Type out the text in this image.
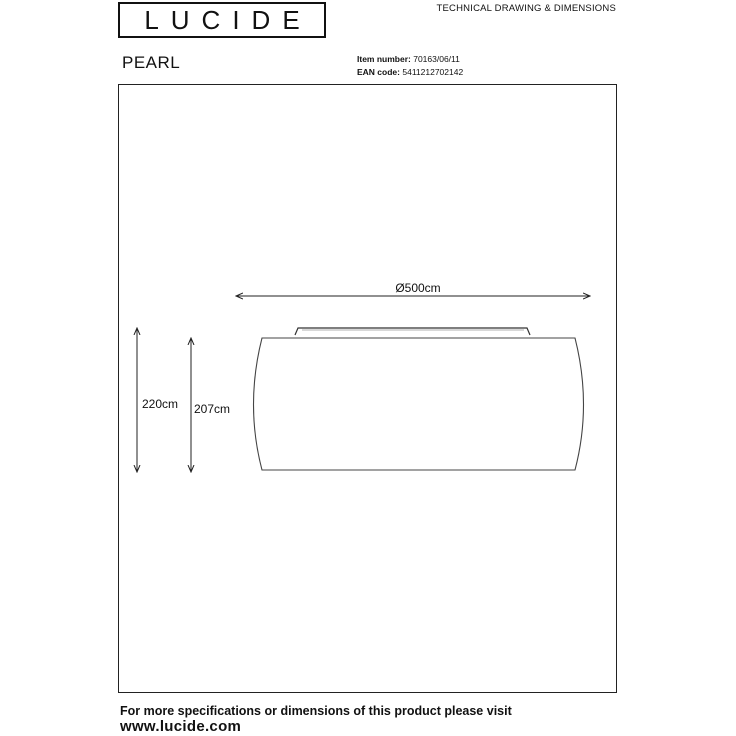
LUCIDE	TECHNICAL DRAWING & DIMENSIONS
PEARL	Item number: 70163/06/11
EAN code: 5411212702142
Ø500cm
220cm 207cm
For more specifications or dimensions of this product please visit
www.lucide.com
